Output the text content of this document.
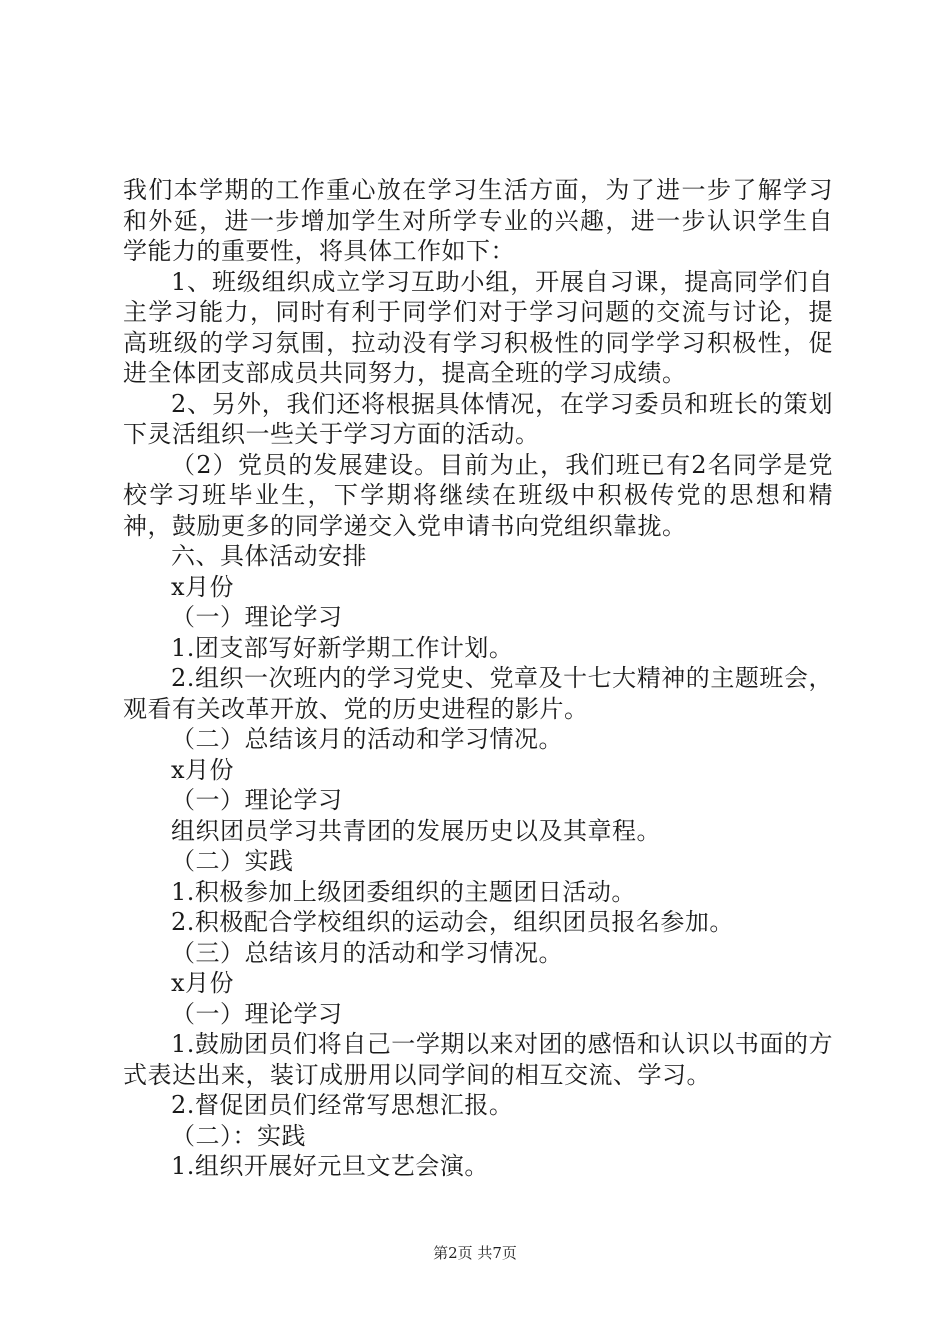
我们本学期的工作重心放在学习生活方面，为了进一步了解学习和外延，进一步增加学生对所学专业的兴趣，进一步认识学生自学能力的重要性，将具体工作如下：

1、班级组织成立学习互助小组，开展自习课，提高同学们自主学习能力，同时有利于同学们对于学习问题的交流与讨论，提高班级的学习氛围，拉动没有学习积极性的同学学习积极性，促进全体团支部成员共同努力，提高全班的学习成绩。

2、另外，我们还将根据具体情况，在学习委员和班长的策划下灵活组织一些关于学习方面的活动。

（2）党员的发展建设。目前为止，我们班已有2名同学是党校学习班毕业生，下学期将继续在班级中积极传党的思想和精神，鼓励更多的同学递交入党申请书向党组织靠拢。

六、具体活动安排

x月份

（一）理论学习

1.团支部写好新学期工作计划。

2.组织一次班内的学习党史、党章及十七大精神的主题班会，观看有关改革开放、党的历史进程的影片。

（二）总结该月的活动和学习情况。

x月份

（一）理论学习

组织团员学习共青团的发展历史以及其章程。

（二）实践

1.积极参加上级团委组织的主题团日活动。

2.积极配合学校组织的运动会，组织团员报名参加。

（三）总结该月的活动和学习情况。

x月份

（一）理论学习

1.鼓励团员们将自己一学期以来对团的感悟和认识以书面的方式表达出来，装订成册用以同学间的相互交流、学习。

2.督促团员们经常写思想汇报。

（二）：实践

1.组织开展好元旦文艺会演。

第2页 共7页
